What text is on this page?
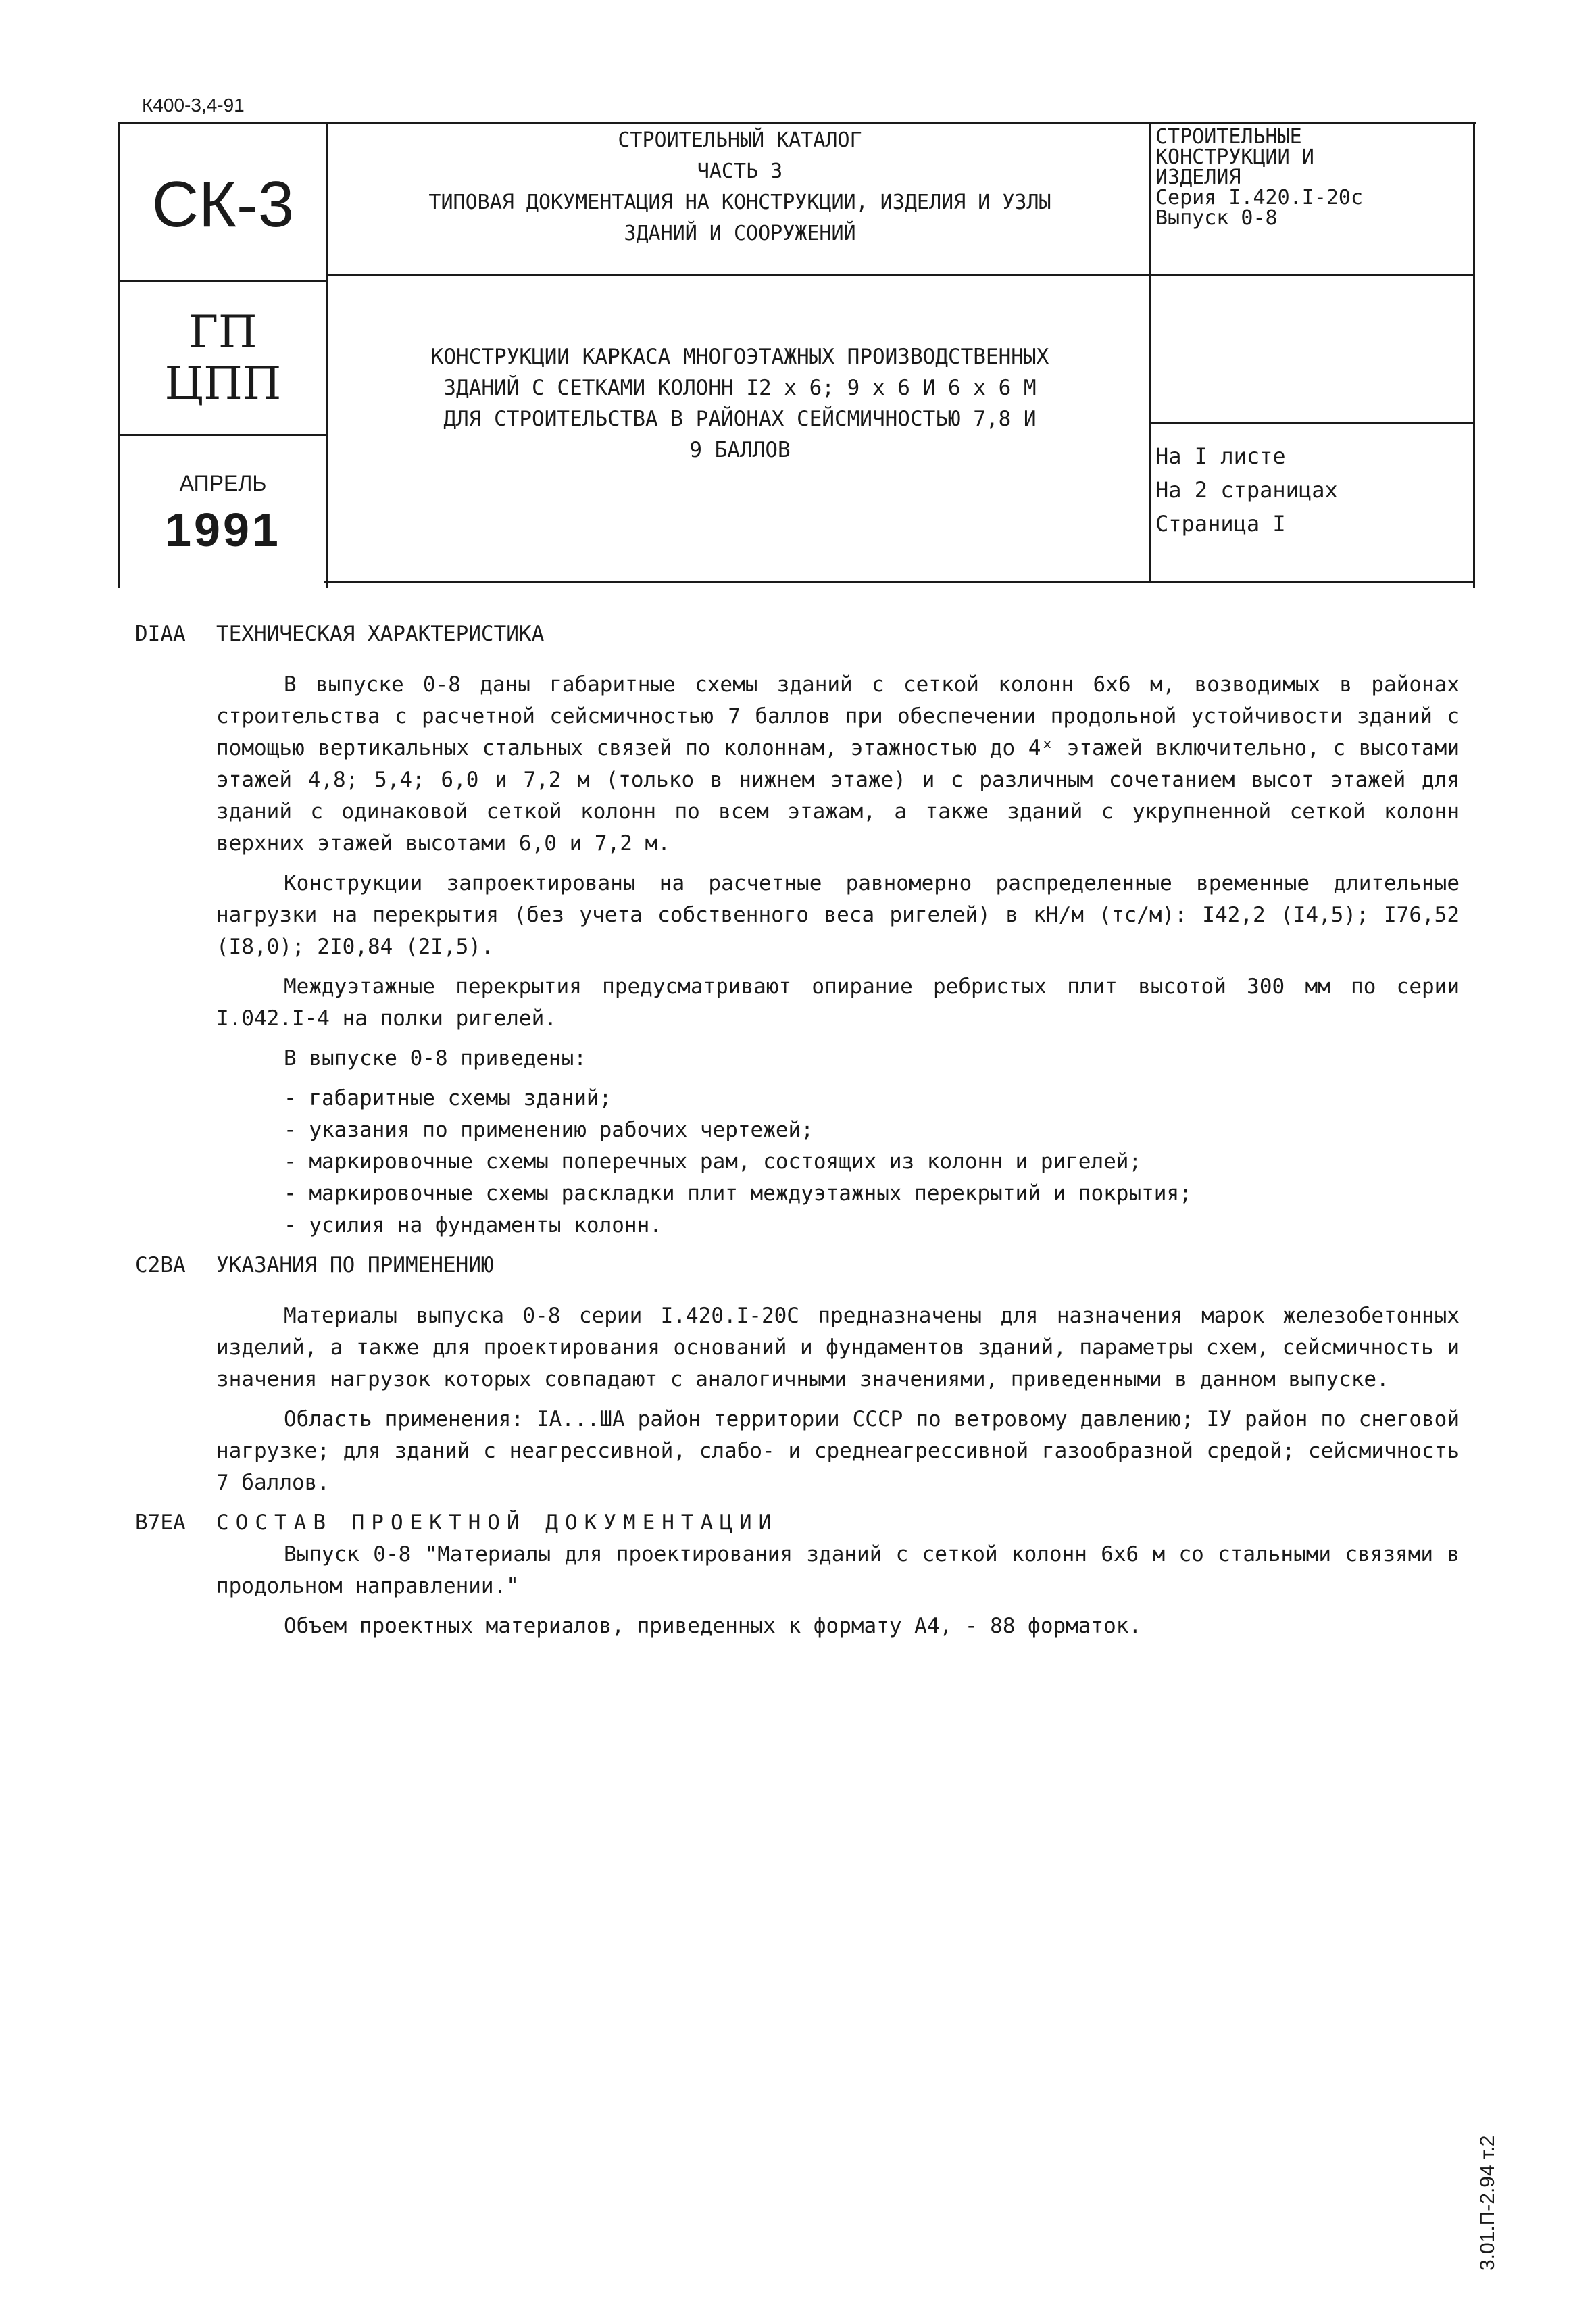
К400-3,4-91
СК-3
ГП
ЦПП
АПРЕЛЬ
1991
СТРОИТЕЛЬНЫЙ КАТАЛОГ
ЧАСТЬ 3
ТИПОВАЯ ДОКУМЕНТАЦИЯ НА КОНСТРУКЦИИ, ИЗДЕЛИЯ И УЗЛЫ
ЗДАНИЙ И СООРУЖЕНИЙ
СТРОИТЕЛЬНЫЕ
КОНСТРУКЦИИ И
ИЗДЕЛИЯ
Серия I.420.I-20с
Выпуск 0-8
КОНСТРУКЦИИ КАРКАСА МНОГОЭТАЖНЫХ ПРОИЗВОДСТВЕННЫХ
ЗДАНИЙ С СЕТКАМИ КОЛОНН I2 х 6; 9 х 6 И 6 х 6 М
ДЛЯ СТРОИТЕЛЬСТВА В РАЙОНАХ СЕЙСМИЧНОСТЬЮ 7,8 И
9 БАЛЛОВ	На I листе
На 2 страницах
Страница I
DIAA	ТЕХНИЧЕСКАЯ ХАРАКТЕРИСТИКА

В выпуске 0-8 даны габаритные схемы зданий с сеткой колонн 6х6 м, возводимых в районах строительства с расчетной сейсмичностью 7 баллов при обеспечении продольной устойчивости зданий с помощью вертикальных стальных связей по колоннам, этажностью до 4ˣ этажей включительно, с высотами этажей 4,8; 5,4; 6,0 и 7,2 м (только в нижнем этаже) и с различным сочетанием высот этажей для зданий с одинаковой сеткой колонн по всем этажам, а также зданий с укрупненной сеткой колонн верхних этажей высотами 6,0 и 7,2 м.

Конструкции запроектированы на расчетные равномерно распределенные временные длительные нагрузки на перекрытия (без учета собственного веса ригелей) в кН/м (тс/м): I42,2 (I4,5); I76,52 (I8,0); 2I0,84 (2I,5).

Междуэтажные перекрытия предусматривают опирание ребристых плит высотой 300 мм по серии I.042.I-4 на полки ригелей.

В выпуске 0-8 приведены:

- габаритные схемы зданий;
- указания по применению рабочих чертежей;
- маркировочные схемы поперечных рам, состоящих из колонн и ригелей;
- маркировочные схемы раскладки плит междуэтажных перекрытий и покрытия;
- усилия на фундаменты колонн.
C2BA	УКАЗАНИЯ ПО ПРИМЕНЕНИЮ

Материалы выпуска 0-8 серии I.420.I-20С предназначены для назначения марок железобетонных изделий, а также для проектирования оснований и фундаментов зданий, параметры схем, сейсмичность и значения нагрузок которых совпадают с аналогичными значениями, приведенными в данном выпуске.

Область применения: IA...ШA район территории СССР по ветровому давлению; IУ район по снеговой нагрузке; для зданий с неагрессивной, слабо- и среднеагрессивной газообразной средой; сейсмичность 7 баллов.

B7EA	СОСТАВ ПРОЕКТНОЙ ДОКУМЕНТАЦИИ

Выпуск 0-8 "Материалы для проектирования зданий с сеткой колонн 6х6 м со стальными связями в продольном направлении."

Объем проектных материалов, приведенных к формату А4, - 88 форматок.

3.01.П-2.94 т.2
